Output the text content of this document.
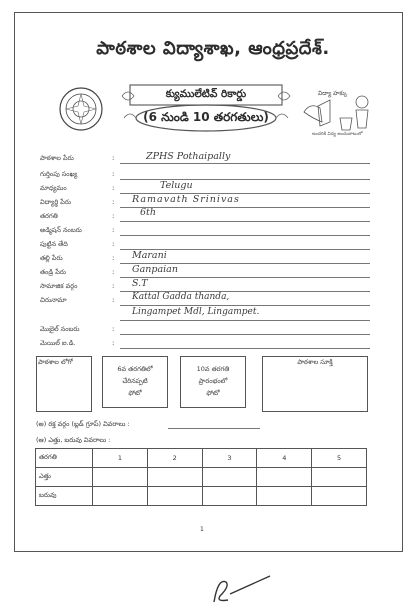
పాఠశాల విద్యాశాఖ, ఆంధ్రప్రదేశ్.
క్యుములేటివ్ రికార్డు
(6 నుండి 10 తరగతులు)
విద్యా హక్కు
అందరికి విద్య అందుబాటులో
పాఠశాల పేరు	:	ZPHS Pothaipally
గుర్తింపు సంఖ్య	:
మాధ్యమం	:	Telugu
విద్యార్థి పేరు	: Ramavath Srinivas
తరగతి	:	6th
అడ్మిషన్ నంబరు	:
పుట్టిన తేది	:
తల్లి పేరు	: Marani
తండ్రి పేరు	: Ganpaian
సామాజిక వర్గం	: S.T
చిరునామా	: Kattal Gadda thanda,
Lingampet Mdl, Lingampet.
మొబైల్ నంబరు	:
మెయిల్ ఐ.డి.	:
పాఠశాల లోగో
6వ తరగతిలో
చేరినప్పటి
ఫోటో
10వ తరగతి
ప్రారంభంలో
ఫోటో
పాఠశాల సూక్తి
(అ) రక్త వర్గం (బ్లడ్ గ్రూప్) వివరాలు :
(ఆ) ఎత్తు, బరువు వివరాలు :
తరగతి	1	2	3	4	5
ఎత్తు					
బరువు					
1
